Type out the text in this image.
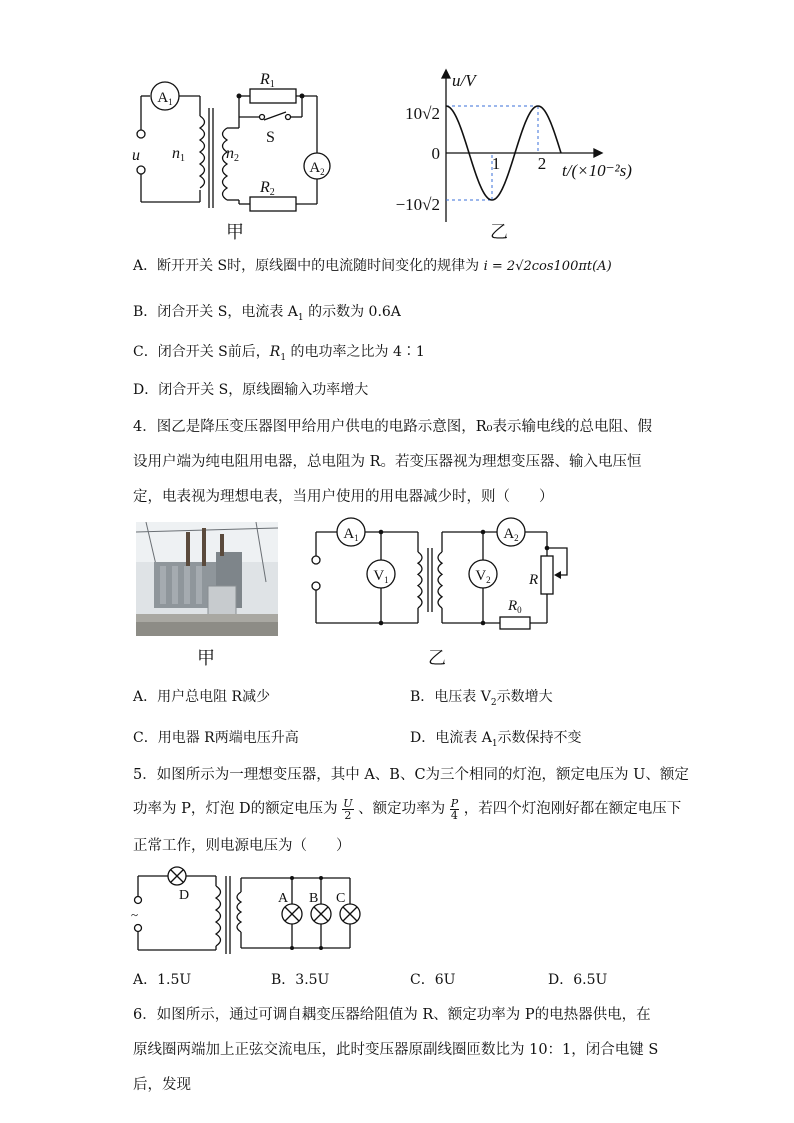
$A_1$
$A_2$
R1
R2
n1	n2
u
S
甲
u/V
10√2
0
−10√2
1 2 t/(×10⁻²s)
乙
A．断开开关 S时，原线圈中的电流随时间变化的规律为 i = 2√2cos100πt(A)
B．闭合开关 S，电流表 $A_1$ 的示数为 0.6A
C．闭合开关 S前后，$R_1$ 的电功率之比为 4∶1
D．闭合开关 S，原线圈输入功率增大
4．图乙是降压变压器图甲给用户供电的电路示意图，R₀表示输电线的总电阻、假设用户端为纯电阻用电器，总电阻为 R。若变压器视为理想变压器、输入电压恒定，电表视为理想电表，当用户使用的用电器减少时，则（　　）
甲
$A_1$
$V_1$
$A_2$
$V_2$	R
$R_0$
乙
A．用户总电阻 R减少	B．电压表 $V_2$示数增大
C．用电器 R两端电压升高	D．电流表 $A_1$示数保持不变
5．如图所示为一理想变压器，其中 A、B、C为三个相同的灯泡，额定电压为 U、额定
功率为 P，灯泡 D的额定电压为 $\frac{U}{2}$ 、额定功率为 $\frac{P}{4}$ ，若四个灯泡刚好都在额定电压下
正常工作，则电源电压为（　　）
D	A B C
~
A．1.5U	B．3.5U	C．6U	D．6.5U
6．如图所示，通过可调自耦变压器给阻值为 R、额定功率为 P的电热器供电，在原线圈两端加上正弦交流电压，此时变压器原副线圈匝数比为 10：1，闭合电键 S后，发现
